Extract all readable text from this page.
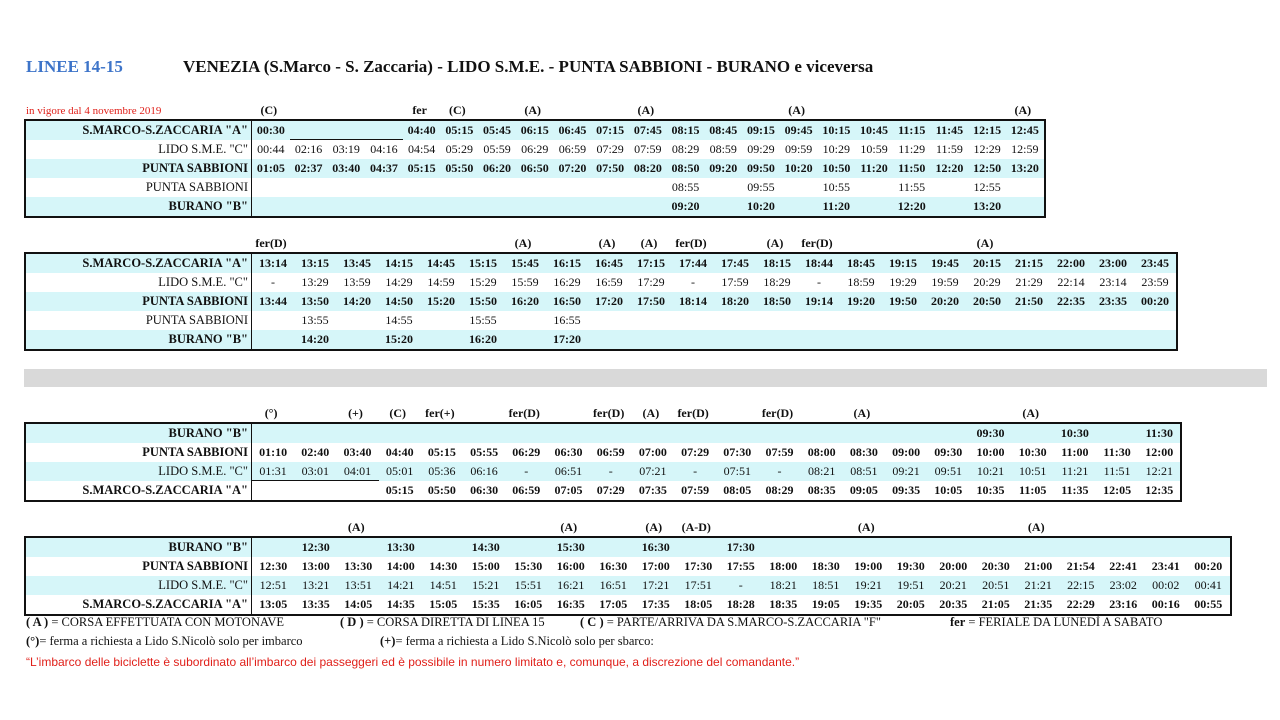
LINEE 14-15	VENEZIA (S.Marco - S. Zaccaria) - LIDO S.M.E. - PUNTA SABBIONI - BURANO e viceversa
in vigore dal 4 novembre 2019	(C)	fer	(C)	(A)	(A)	(A)	(A)
S.MARCO-S.ZACCARIA "A" 00:30	04:40 05:15 05:45 06:15 06:45 07:15 07:45 08:15 08:45 09:15 09:45 10:15 10:45 11:15 11:45 12:15 12:45
LIDO S.M.E. "C" 00:44 02:16 03:19 04:16 04:54 05:29 05:59 06:29 06:59 07:29 07:59 08:29 08:59 09:29 09:59 10:29 10:59 11:29 11:59 12:29 12:59
PUNTA SABBIONI 01:05 02:37 03:40 04:37 05:15 05:50 06:20 06:50 07:20 07:50 08:20 08:50 09:20 09:50 10:20 10:50 11:20 11:50 12:20 12:50 13:20
PUNTA SABBIONI	08:55	09:55	10:55	11:55	12:55
BURANO "B"	09:20	10:20	11:20	12:20	13:20
fer(D)	(A)	(A)	(A)	fer(D)	(A)	fer(D)	(A)
S.MARCO-S.ZACCARIA "A" 13:14	13:15	13:45	14:15	14:45	15:15	15:45	16:15	16:45	17:15	17:44	17:45	18:15	18:44	18:45	19:15	19:45	20:15	21:15	22:00	23:00	23:45
LIDO S.M.E. "C"	-	13:29	13:59	14:29	14:59	15:29	15:59	16:29	16:59	17:29	-	17:59	18:29	-	18:59	19:29	19:59	20:29	21:29	22:14	23:14	23:59
PUNTA SABBIONI 13:44	13:50	14:20	14:50	15:20	15:50	16:20	16:50	17:20	17:50	18:14	18:20	18:50	19:14	19:20	19:50	20:20	20:50	21:50	22:35	23:35	00:20
PUNTA SABBIONI	13:55	14:55	15:55	16:55
BURANO "B"	14:20	15:20	16:20	17:20
(°)	(+)	(C)	fer(+)	fer(D)	fer(D)	(A)	fer(D)	fer(D)	(A)	(A)
BURANO "B"	09:30	10:30	11:30
PUNTA SABBIONI 01:10	02:40	03:40	04:40	05:15	05:55	06:29	06:30	06:59	07:00	07:29	07:30	07:59	08:00	08:30	09:00	09:30	10:00	10:30	11:00	11:30	12:00
LIDO S.M.E. "C" 01:31	03:01	04:01	05:01	05:36	06:16	-	06:51	-	07:21	-	07:51	-	08:21	08:51	09:21	09:51	10:21	10:51	11:21	11:51	12:21
S.MARCO-S.ZACCARIA "A"	05:15	05:50	06:30	06:59	07:05	07:29	07:35	07:59	08:05	08:29	08:35	09:05	09:35	10:05	10:35	11:05	11:35	12:05	12:35
(A)	(A)	(A)	(A-D)	(A)	(A)
BURANO "B"	12:30	13:30	14:30	15:30	16:30	17:30
PUNTA SABBIONI 12:30	13:00	13:30	14:00	14:30	15:00	15:30	16:00	16:30	17:00	17:30	17:55	18:00	18:30	19:00	19:30	20:00	20:30	21:00	21:54	22:41	23:41	00:20
LIDO S.M.E. "C" 12:51	13:21	13:51	14:21	14:51	15:21	15:51	16:21	16:51	17:21	17:51	-	18:21	18:51	19:21	19:51	20:21	20:51	21:21	22:15	23:02	00:02	00:41
S.MARCO-S.ZACCARIA "A" 13:05	13:35	14:05	14:35	15:05	15:35	16:05	16:35	17:05	17:35	18:05	18:28	18:35	19:05	19:35	20:05	20:35	21:05	21:35	22:29	23:16	00:16	00:55
( A ) = CORSA EFFETTUATA CON MOTONAVE	( D ) = CORSA DIRETTA DI LINEA 15	( C ) = PARTE/ARRIVA DA S.MARCO-S.ZACCARIA "F"	fer = FERIALE DA LUNEDÌ A SABATO
(°)= ferma a richiesta a Lido S.Nicolò solo per imbarco	(+)= ferma a richiesta a Lido S.Nicolò solo per sbarco:
“L’imbarco delle biciclette è subordinato all’imbarco dei passeggeri ed è possibile in numero limitato e, comunque, a discrezione del comandante.”
